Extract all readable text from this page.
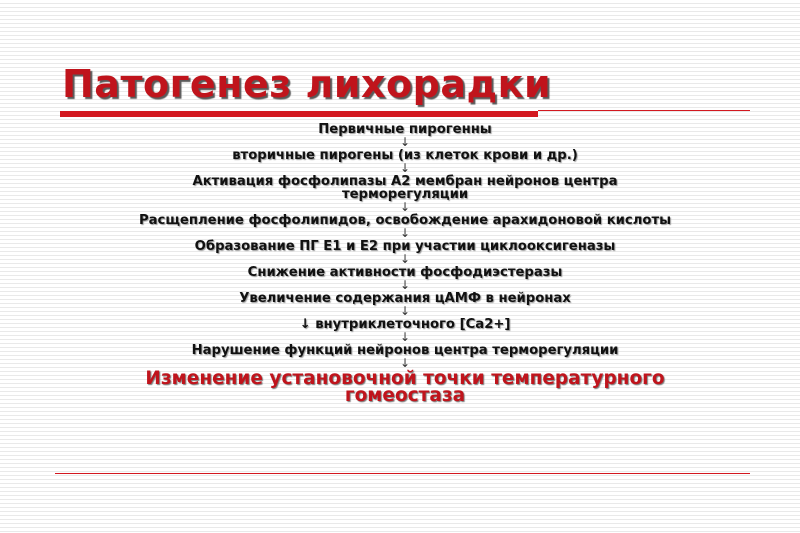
Патогенез лихорадки
Первичные пирогенны
↓
вторичные пирогены (из клеток крови и др.)
↓
Активация фосфолипазы А2 мембран нейронов центра
терморегуляции
↓
Расщепление фосфолипидов, освобождение арахидоновой кислоты
↓
Образование ПГ Е1 и Е2 при участии циклооксигеназы
↓
Снижение активности фосфодиэстеразы
↓
Увеличение содержания цАМФ в нейронах
↓
↓ внутриклеточного [Са2+]
↓
Нарушение функций нейронов центра терморегуляции
↓
Изменение установочной точки температурного
гомеостаза
